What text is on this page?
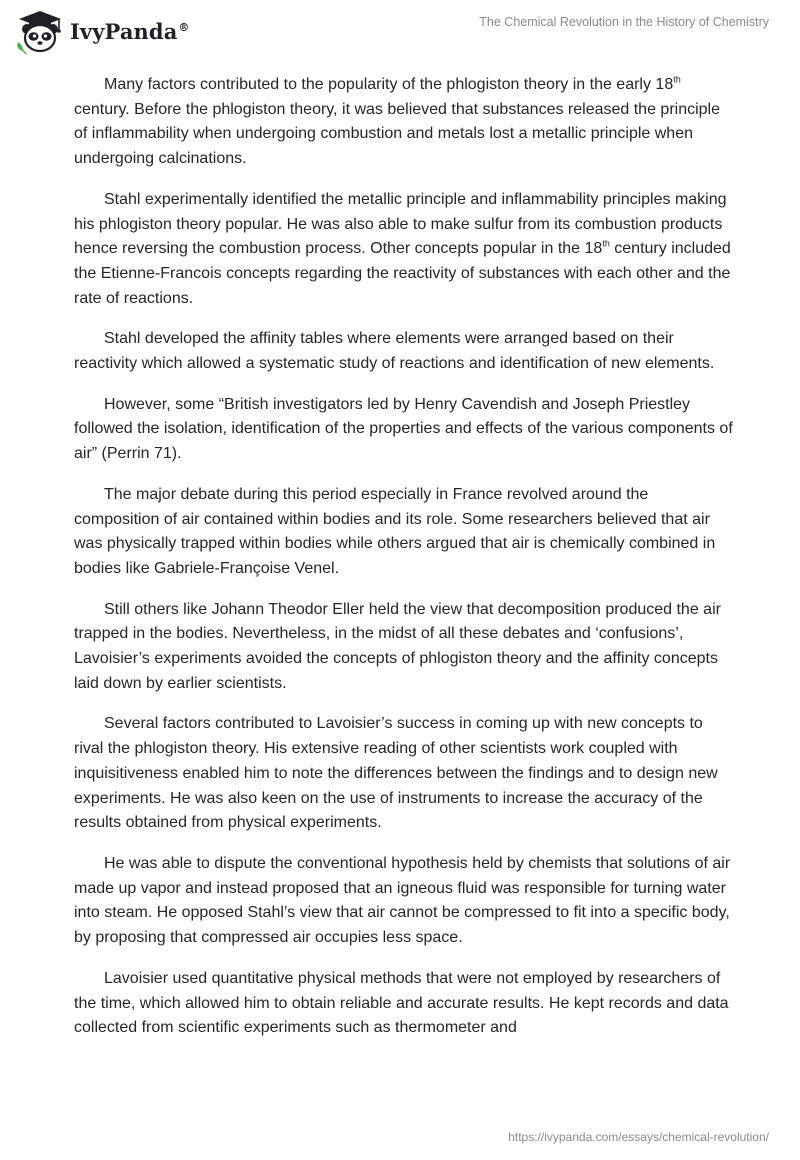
IvyPanda®	The Chemical Revolution in the History of Chemistry

Many factors contributed to the popularity of the phlogiston theory in the early 18th century. Before the phlogiston theory, it was believed that substances released the principle of inflammability when undergoing combustion and metals lost a metallic principle when undergoing calcinations.

Stahl experimentally identified the metallic principle and inflammability principles making his phlogiston theory popular. He was also able to make sulfur from its combustion products hence reversing the combustion process. Other concepts popular in the 18th century included the Etienne-Francois concepts regarding the reactivity of substances with each other and the rate of reactions.

Stahl developed the affinity tables where elements were arranged based on their reactivity which allowed a systematic study of reactions and identification of new elements.

However, some “British investigators led by Henry Cavendish and Joseph Priestley followed the isolation, identification of the properties and effects of the various components of air” (Perrin 71).

The major debate during this period especially in France revolved around the composition of air contained within bodies and its role. Some researchers believed that air was physically trapped within bodies while others argued that air is chemically combined in bodies like Gabriele-Françoise Venel.

Still others like Johann Theodor Eller held the view that decomposition produced the air trapped in the bodies. Nevertheless, in the midst of all these debates and ‘confusions’, Lavoisier’s experiments avoided the concepts of phlogiston theory and the affinity concepts laid down by earlier scientists.

Several factors contributed to Lavoisier’s success in coming up with new concepts to rival the phlogiston theory. His extensive reading of other scientists work coupled with inquisitiveness enabled him to note the differences between the findings and to design new experiments. He was also keen on the use of instruments to increase the accuracy of the results obtained from physical experiments.

He was able to dispute the conventional hypothesis held by chemists that solutions of air made up vapor and instead proposed that an igneous fluid was responsible for turning water into steam. He opposed Stahl’s view that air cannot be compressed to fit into a specific body, by proposing that compressed air occupies less space.

Lavoisier used quantitative physical methods that were not employed by researchers of the time, which allowed him to obtain reliable and accurate results. He kept records and data collected from scientific experiments such as thermometer and

https://ivypanda.com/essays/chemical-revolution/
